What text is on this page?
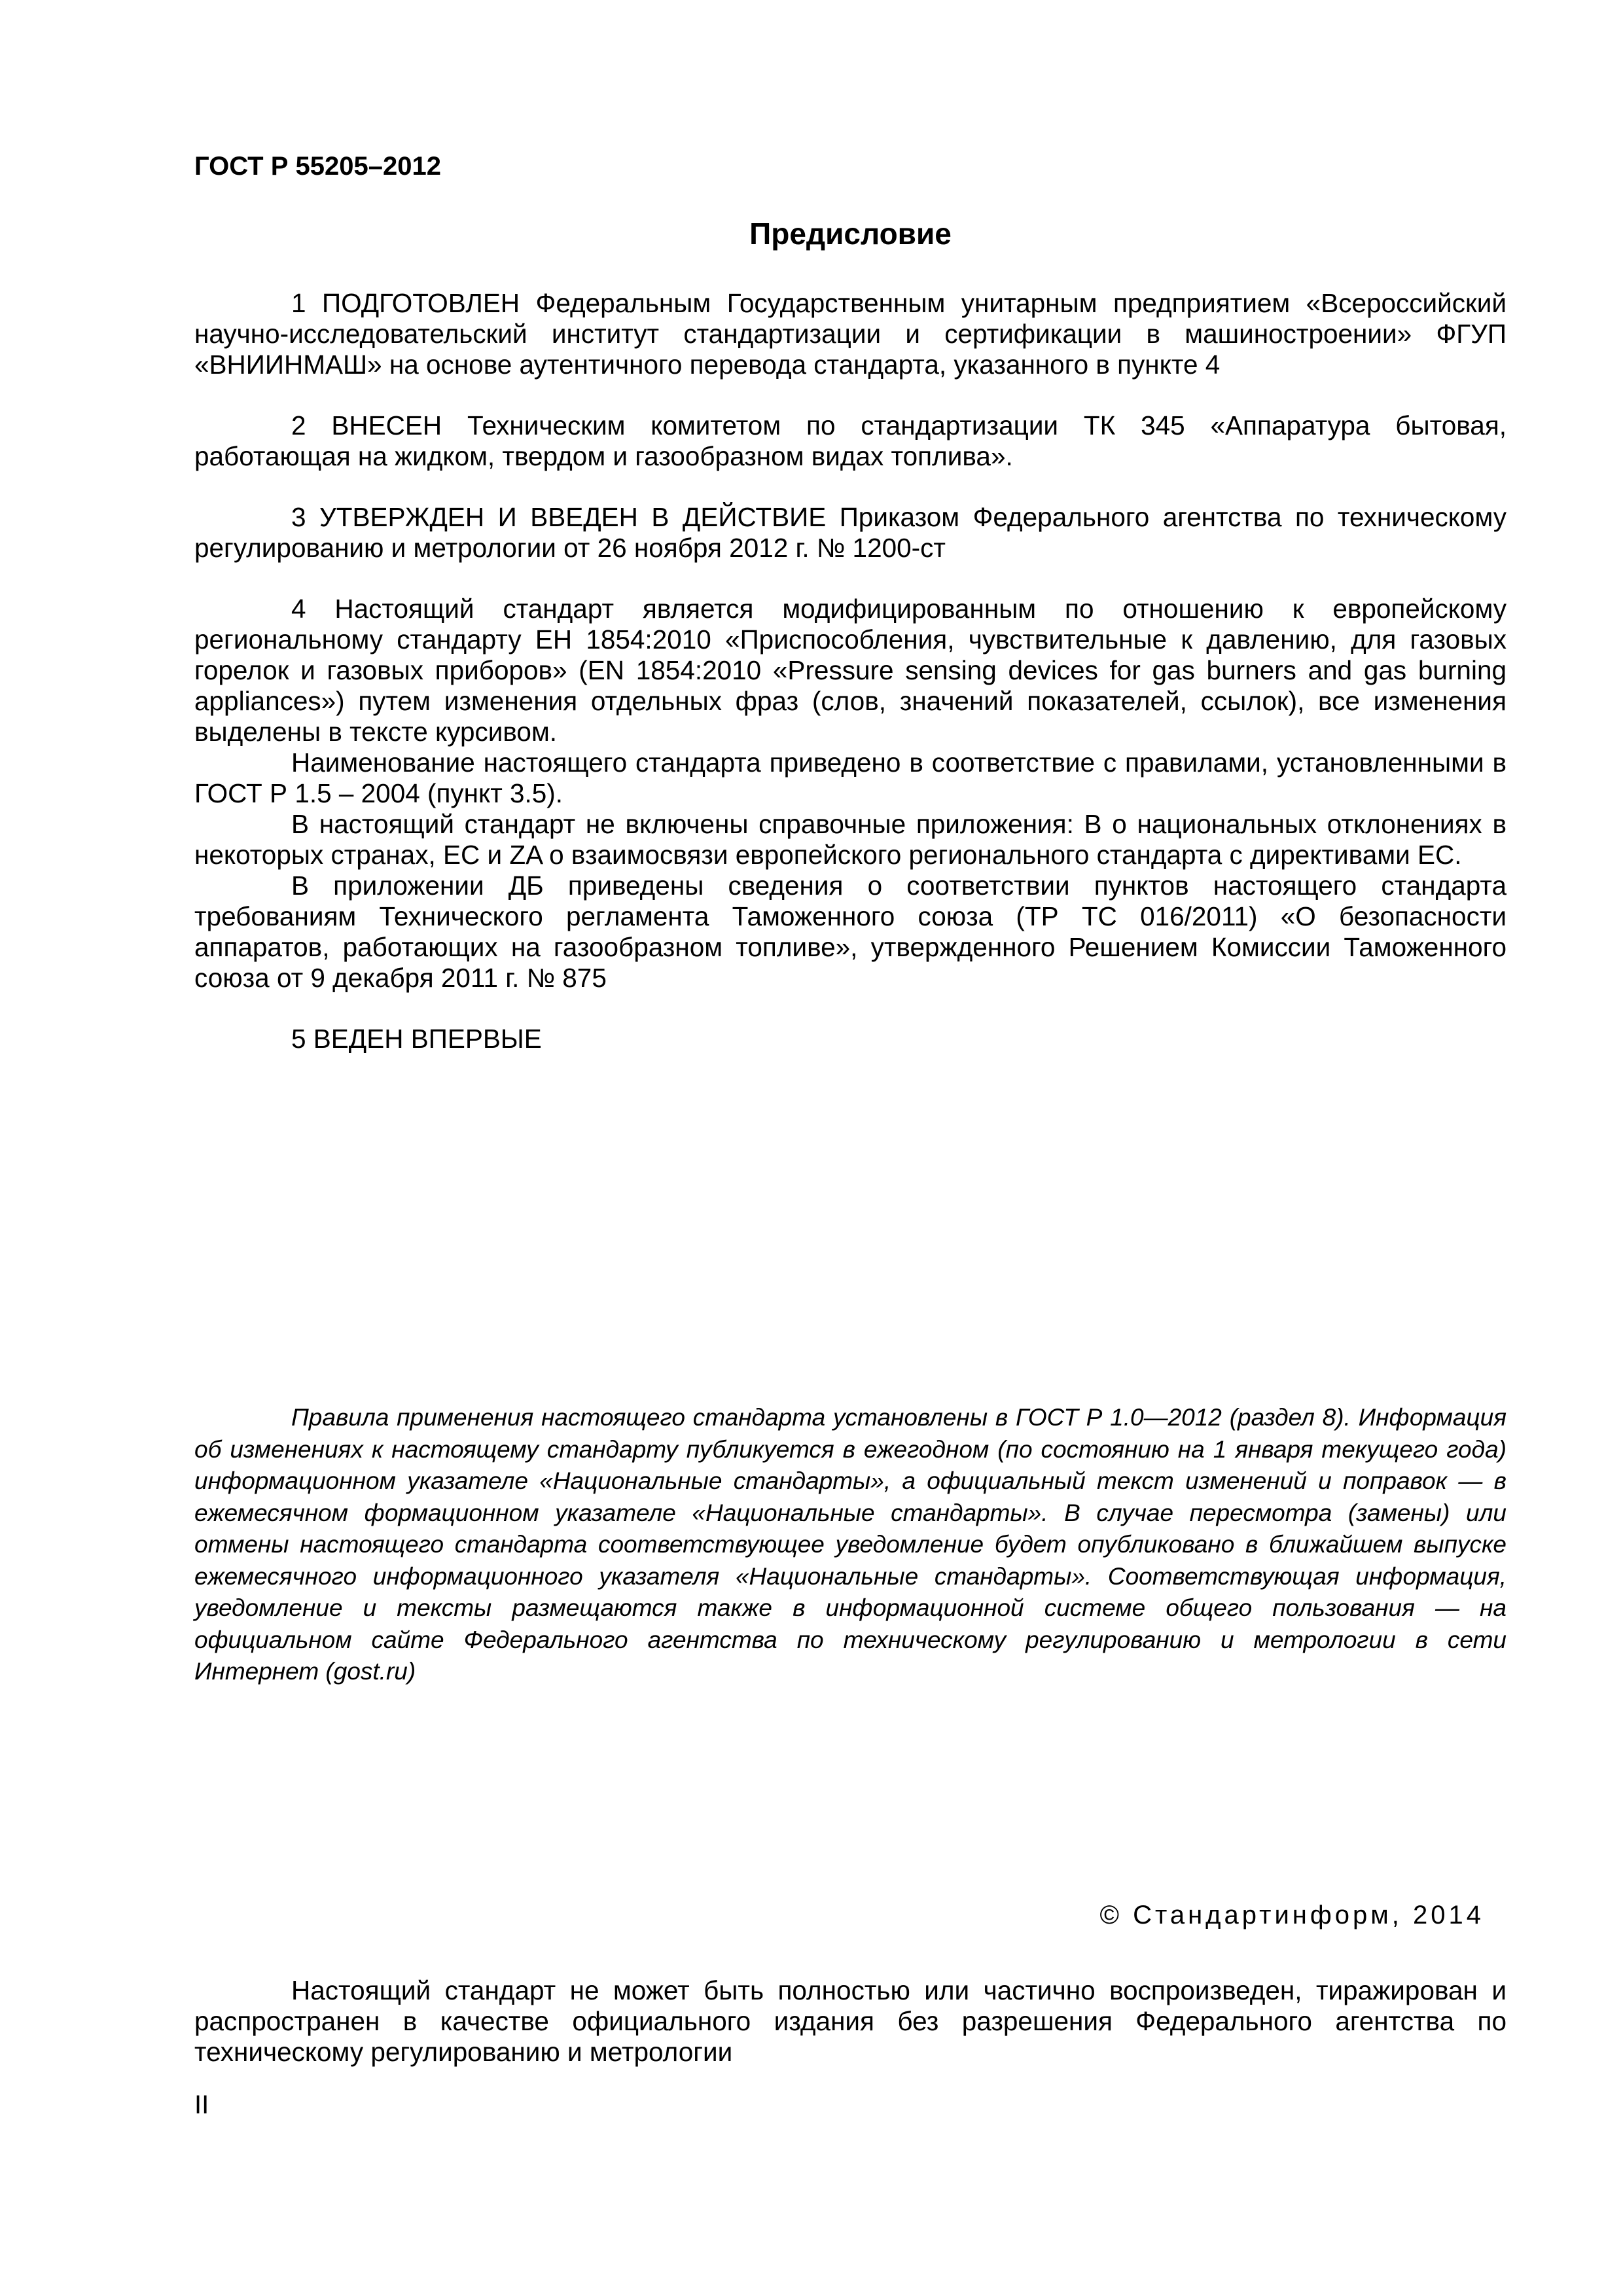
ГОСТ Р 55205–2012
Предисловие

1 ПОДГОТОВЛЕН Федеральным Государственным унитарным предприятием «Всероссийский научно-исследовательский институт стандартизации и сертификации в машиностроении» ФГУП «ВНИИНМАШ» на основе аутентичного перевода стандарта, указанного в пункте 4

2 ВНЕСЕН Техническим комитетом по стандартизации ТК 345 «Аппаратура бытовая, работающая на жидком, твердом и газообразном видах топлива».

3 УТВЕРЖДЕН И ВВЕДЕН В ДЕЙСТВИЕ Приказом Федерального агентства по техническому регулированию и метрологии от 26 ноября 2012 г. № 1200-ст

4 Настоящий стандарт является модифицированным по отношению к европейскому региональному стандарту ЕН 1854:2010 «Приспособления, чувствительные к давлению, для газовых горелок и газовых приборов» (EN 1854:2010 «Pressure sensing devices for gas burners and gas burning appliances») путем изменения отдельных фраз (слов, значений показателей, ссылок), все изменения выделены в тексте курсивом.

Наименование настоящего стандарта приведено в соответствие с правилами, установленными в ГОСТ Р 1.5 – 2004 (пункт 3.5).

В настоящий стандарт не включены справочные приложения: В о национальных отклонениях в некоторых странах, ЕС и ZA о взаимосвязи европейского регионального стандарта с директивами ЕС.

В приложении ДБ приведены сведения о соответствии пунктов настоящего стандарта требованиям Технического регламента Таможенного союза (ТР ТС 016/2011) «О безопасности аппаратов, работающих на газообразном топливе», утвержденного Решением Комиссии Таможенного союза от 9 декабря 2011 г. № 875

5 ВЕДЕН ВПЕРВЫЕ

Правила применения настоящего стандарта установлены в ГОСТ Р 1.0—2012 (раздел 8). Информация об изменениях к настоящему стандарту публикуется в ежегодном (по состоянию на 1 января текущего года) информационном указателе «Национальные стандарты», а официальный текст изменений и поправок — в ежемесячном формационном указателе «Национальные стандарты». В случае пересмотра (замены) или отмены настоящего стандарта соответствующее уведомление будет опубликовано в ближайшем выпуске ежемесячного информационного указателя «Национальные стандарты». Соответствующая информация, уведомление и тексты размещаются также в информационной системе общего пользования — на официальном сайте Федерального агентства по техническому регулированию и метрологии в сети Интернет (gost.ru)

© Стандартинформ, 2014

Настоящий стандарт не может быть полностью или частично воспроизведен, тиражирован и распространен в качестве официального издания без разрешения Федерального агентства по техническому регулированию и метрологии

II
